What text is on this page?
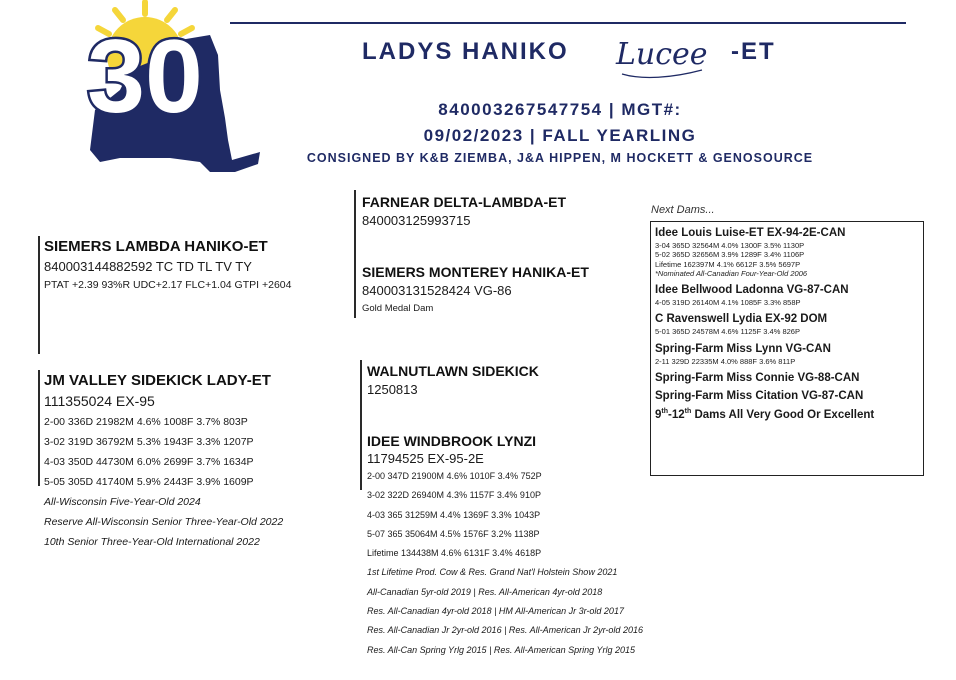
30	LADYS HANIKO Lucee -ET
840003267547754 | MGT#:
09/02/2023 | FALL YEARLING
CONSIGNED BY K&B ZIEMBA, J&A HIPPEN, M HOCKETT & GENOSOURCE
SIEMERS LAMBDA HANIKO-ET
840003144882592 TC TD TL TV TY
PTAT +2.39 93%R UDC+2.17 FLC+1.04 GTPI +2604
FARNEAR DELTA-LAMBDA-ET
840003125993715
SIEMERS MONTEREY HANIKA-ET
840003131528424 VG-86
Gold Medal Dam
JM VALLEY SIDEKICK LADY-ET
111355024 EX-95
2-00 336D 21982M 4.6% 1008F 3.7% 803P
3-02 319D 36792M 5.3% 1943F 3.3% 1207P
4-03 350D 44730M 6.0% 2699F 3.7% 1634P
5-05 305D 41740M 5.9% 2443F 3.9% 1609P
All-Wisconsin Five-Year-Old 2024
Reserve All-Wisconsin Senior Three-Year-Old 2022
10th Senior Three-Year-Old International 2022
WALNUTLAWN SIDEKICK
1250813
IDEE WINDBROOK LYNZI
11794525 EX-95-2E
2-00 347D 21900M 4.6% 1010F 3.4% 752P
3-02 322D 26940M 4.3% 1157F 3.4% 910P
4-03 365 31259M 4.4% 1369F 3.3% 1043P
5-07 365 35064M 4.5% 1576F 3.2% 1138P
Lifetime 134438M 4.6% 6131F 3.4% 4618P
1st Lifetime Prod. Cow & Res. Grand Nat'l Holstein Show 2021
All-Canadian 5yr-old 2019 | Res. All-American 4yr-old 2018
Res. All-Canadian 4yr-old 2018 | HM All-American Jr 3r-old 2017
Res. All-Canadian Jr 2yr-old 2016 | Res. All-American Jr 2yr-old 2016
Res. All-Can Spring Yrlg 2015 | Res. All-American Spring Yrlg 2015
Next Dams...
Idee Louis Luise-ET EX-94-2E-CAN
3-04 365D 32564M 4.0% 1300F 3.5% 1130P
5-02 365D 32656M 3.9% 1289F 3.4% 1106P
Lifetime 162397M 4.1% 6612F 3.5% 5697P
*Nominated All-Canadian Four-Year-Old 2006
Idee Bellwood Ladonna VG-87-CAN
4-05 319D 26140M 4.1% 1085F 3.3% 858P
C Ravenswell Lydia EX-92 DOM
5-01 365D 24578M 4.6% 1125F 3.4% 826P
Spring-Farm Miss Lynn VG-CAN
2-11 329D 22335M 4.0% 888F 3.6% 811P
Spring-Farm Miss Connie VG-88-CAN
Spring-Farm Miss Citation VG-87-CAN
9th-12th Dams All Very Good Or Excellent
